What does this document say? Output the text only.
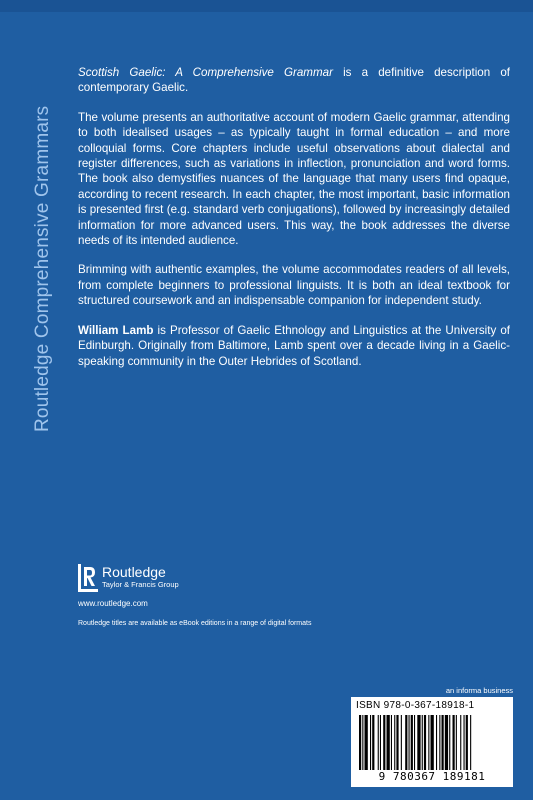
Routledge Comprehensive Grammars

Scottish Gaelic: A Comprehensive Grammar is a definitive description of contemporary Gaelic.

The volume presents an authoritative account of modern Gaelic grammar, attending to both idealised usages – as typically taught in formal education – and more colloquial forms. Core chapters include useful observations about dialectal and register differences, such as variations in inflection, pronunciation and word forms. The book also demystifies nuances of the language that many users find opaque, according to recent research. In each chapter, the most important, basic information is presented first (e.g. standard verb conjugations), followed by increasingly detailed information for more advanced users. This way, the book addresses the diverse needs of its intended audience.

Brimming with authentic examples, the volume accommodates readers of all levels, from complete beginners to professional linguists. It is both an ideal textbook for structured coursework and an indispensable companion for independent study.

William Lamb is Professor of Gaelic Ethnology and Linguistics at the University of Edinburgh. Originally from Baltimore, Lamb spent over a decade living in a Gaelic-speaking community in the Outer Hebrides of Scotland.

Routledge
Taylor & Francis Group
www.routledge.com
Routledge titles are available as eBook editions in a range of digital formats
an informa business
ISBN 978-0-367-18918-1
9 780367 189181
